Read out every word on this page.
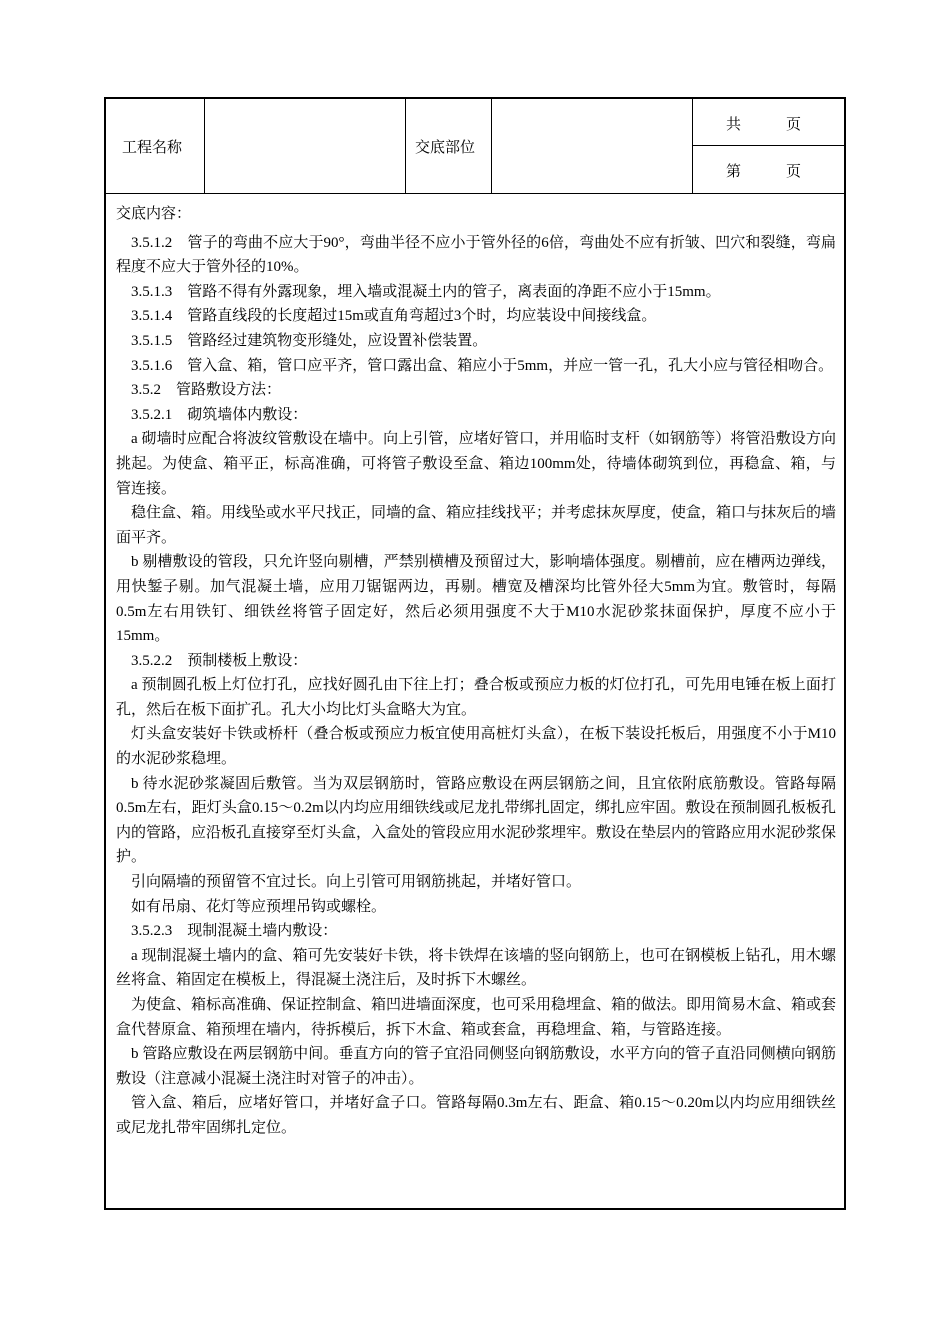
工程名称	交底部位
共　　　页
第　　　页

交底内容：

3.5.1.2　管子的弯曲不应大于90°，弯曲半径不应小于管外径的6倍，弯曲处不应有折皱、凹穴和裂缝，弯扁程度不应大于管外径的10%。

3.5.1.3　管路不得有外露现象，埋入墙或混凝土内的管子，离表面的净距不应小于15mm。

3.5.1.4　管路直线段的长度超过15m或直角弯超过3个时，均应装设中间接线盒。

3.5.1.5　管路经过建筑物变形缝处，应设置补偿装置。

3.5.1.6　管入盒、箱，管口应平齐，管口露出盒、箱应小于5mm，并应一管一孔，孔大小应与管径相吻合。

3.5.2　管路敷设方法：

3.5.2.1　砌筑墙体内敷设：

a 砌墙时应配合将波纹管敷设在墙中。向上引管，应堵好管口，并用临时支杆（如钢筋等）将管沿敷设方向挑起。为使盒、箱平正，标高准确，可将管子敷设至盒、箱边100mm处，待墙体砌筑到位，再稳盒、箱，与管连接。

稳住盒、箱。用线坠或水平尺找正，同墙的盒、箱应挂线找平；并考虑抹灰厚度，使盒，箱口与抹灰后的墙面平齐。

b 剔槽敷设的管段，只允许竖向剔槽，严禁别横槽及预留过大，影响墙体强度。剔槽前，应在槽两边弹线，用快錾子剔。加气混凝土墙，应用刀锯锯两边，再剔。槽宽及槽深均比管外径大5mm为宜。敷管时，每隔0.5m左右用铁钉、细铁丝将管子固定好，然后必须用强度不大于M10水泥砂浆抹面保护，厚度不应小于15mm。

3.5.2.2　预制楼板上敷设：

a 预制圆孔板上灯位打孔，应找好圆孔由下往上打；叠合板或预应力板的灯位打孔，可先用电锤在板上面打孔，然后在板下面扩孔。孔大小均比灯头盒略大为宜。

灯头盒安装好卡铁或桥杆（叠合板或预应力板宜使用高桩灯头盒），在板下装设托板后，用强度不小于M10的水泥砂浆稳埋。

b 待水泥砂浆凝固后敷管。当为双层钢筋时，管路应敷设在两层钢筋之间，且宜依附底筋敷设。管路每隔0.5m左右，距灯头盒0.15～0.2m以内均应用细铁线或尼龙扎带绑扎固定，绑扎应牢固。敷设在预制圆孔板板孔内的管路，应沿板孔直接穿至灯头盒，入盒处的管段应用水泥砂浆埋牢。敷设在垫层内的管路应用水泥砂浆保护。

引向隔墙的预留管不宜过长。向上引管可用钢筋挑起，并堵好管口。

如有吊扇、花灯等应预埋吊钩或螺栓。

3.5.2.3　现制混凝土墙内敷设：

a 现制混凝土墙内的盒、箱可先安装好卡铁，将卡铁焊在该墙的竖向钢筋上，也可在钢模板上钻孔，用木螺丝将盒、箱固定在模板上，得混凝土浇注后，及时拆下木螺丝。

为使盒、箱标高准确、保证控制盒、箱凹进墙面深度，也可采用稳埋盒、箱的做法。即用简易木盒、箱或套盒代替原盒、箱预埋在墙内，待拆模后，拆下木盒、箱或套盒，再稳埋盒、箱，与管路连接。

b 管路应敷设在两层钢筋中间。垂直方向的管子宜沿同侧竖向钢筋敷设，水平方向的管子直沿同侧横向钢筋敷设（注意减小混凝土浇注时对管子的冲击）。

管入盒、箱后，应堵好管口，并堵好盒子口。管路每隔0.3m左右、距盒、箱0.15～0.20m以内均应用细铁丝或尼龙扎带牢固绑扎定位。
